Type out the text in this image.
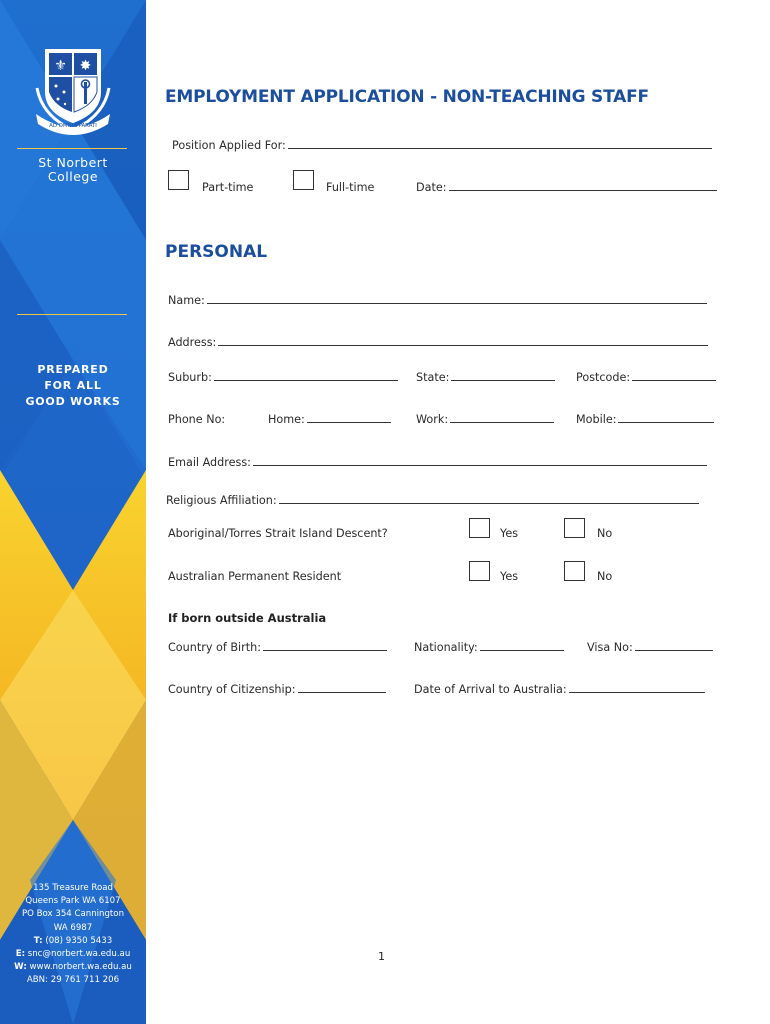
⚜ ✸
AD OMNIA PARATI
St Norbert
College
PREPARED
FOR ALL
GOOD WORKS
135 Treasure Road
Queens Park WA 6107
PO Box 354 Cannington
WA 6987
T: (08) 9350 5433
E: snc@norbert.wa.edu.au
W: www.norbert.wa.edu.au
ABN: 29 761 711 206
EMPLOYMENT APPLICATION - NON-TEACHING STAFF
Position Applied For:
Part-time	Full-time	Date:
PERSONAL
Name:
Address:
Suburb:	State:	Postcode:
Phone No:	Home:	Work:	Mobile:
Email Address:
Religious Affiliation:
Aboriginal/Torres Strait Island Descent?	Yes	No
Australian Permanent Resident	Yes	No
If born outside Australia
Country of Birth:	Nationality:	Visa No:
Country of Citizenship:	Date of Arrival to Australia:
1
